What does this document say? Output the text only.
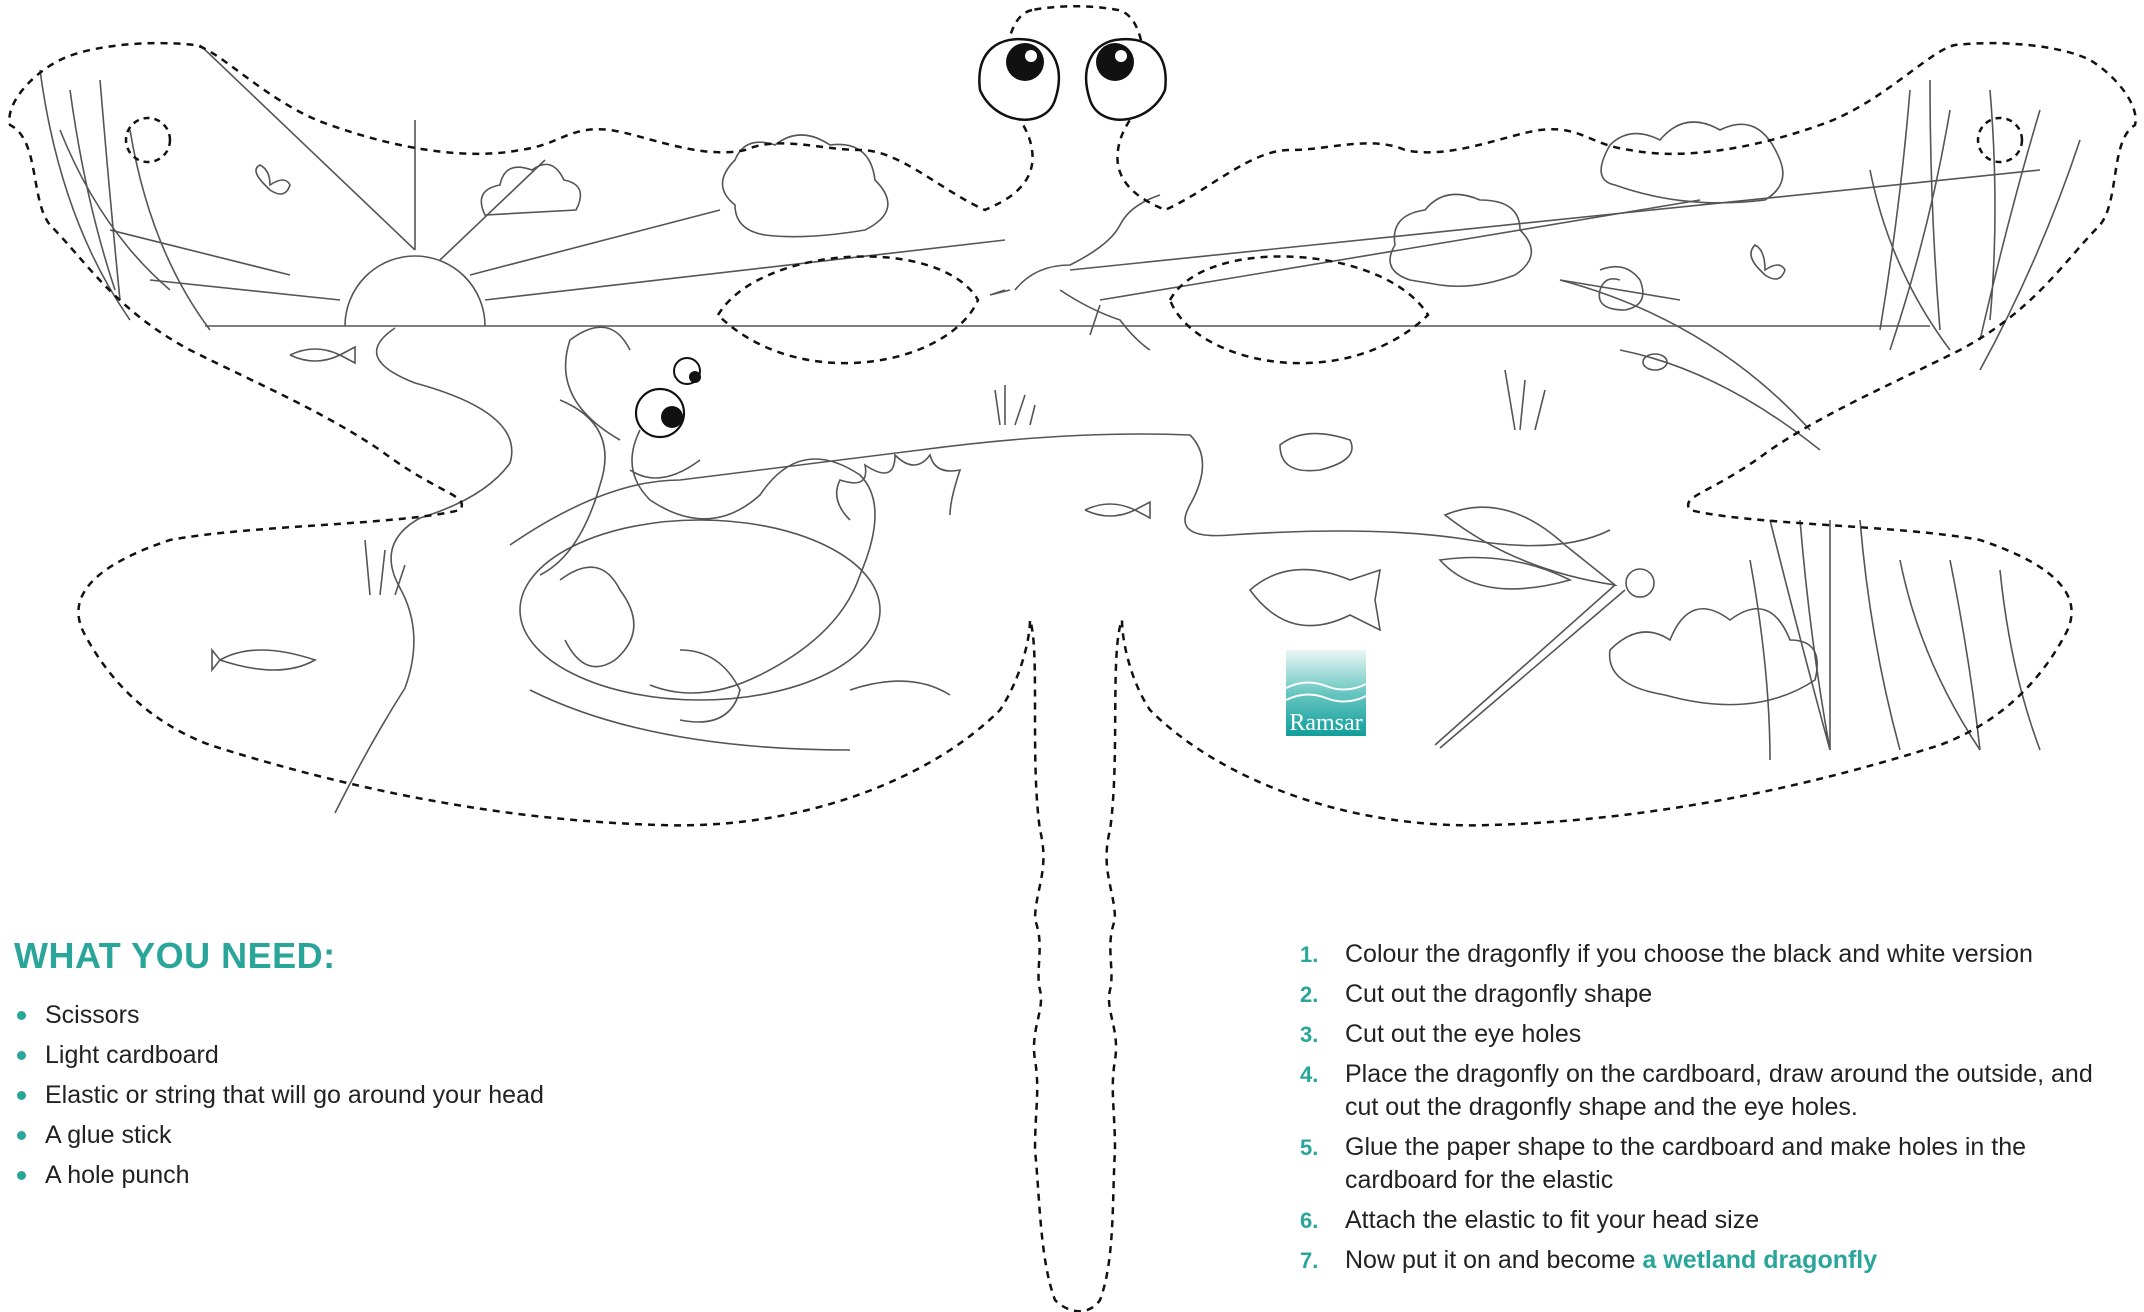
Ramsar
WHAT YOU NEED:
Scissors
Light cardboard
Elastic or string that will go around your head
A glue stick
A hole punch
1.	Colour the dragonfly if you choose the black and white version
2.	Cut out the dragonfly shape
3.	Cut out the eye holes
4.	Place the dragonfly on the cardboard, draw around the outside, and cut out the dragonfly shape and the eye holes.
5.	Glue the paper shape to the cardboard and make holes in the cardboard for the elastic
6.	Attach the elastic to fit your head size
7.	Now put it on and become a wetland dragonfly
